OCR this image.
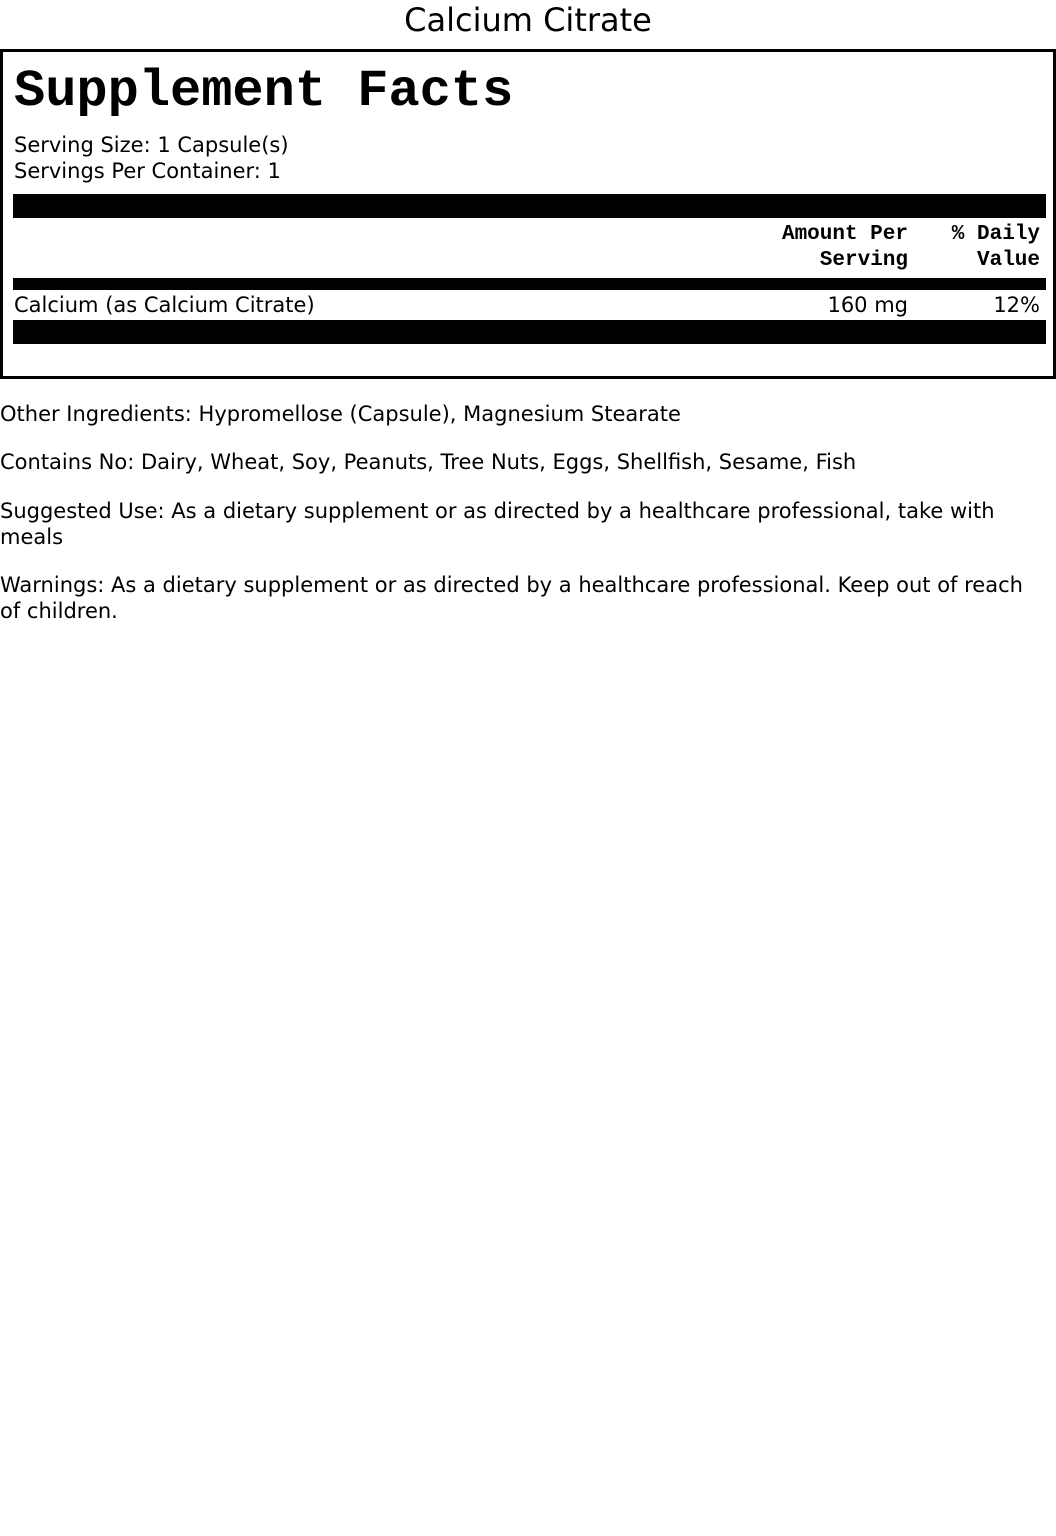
Calcium Citrate
Supplement Facts
Serving Size: 1 Capsule(s)
Servings Per Container: 1
Amount Per
Serving
% Daily
Value
Calcium (as Calcium Citrate)	160 mg	12%
Other Ingredients: Hypromellose (Capsule), Magnesium Stearate
Contains No: Dairy, Wheat, Soy, Peanuts, Tree Nuts, Eggs, Shellfish, Sesame, Fish
Suggested Use: As a dietary supplement or as directed by a healthcare professional, take with meals
Warnings: As a dietary supplement or as directed by a healthcare professional. Keep out of reach of children.
